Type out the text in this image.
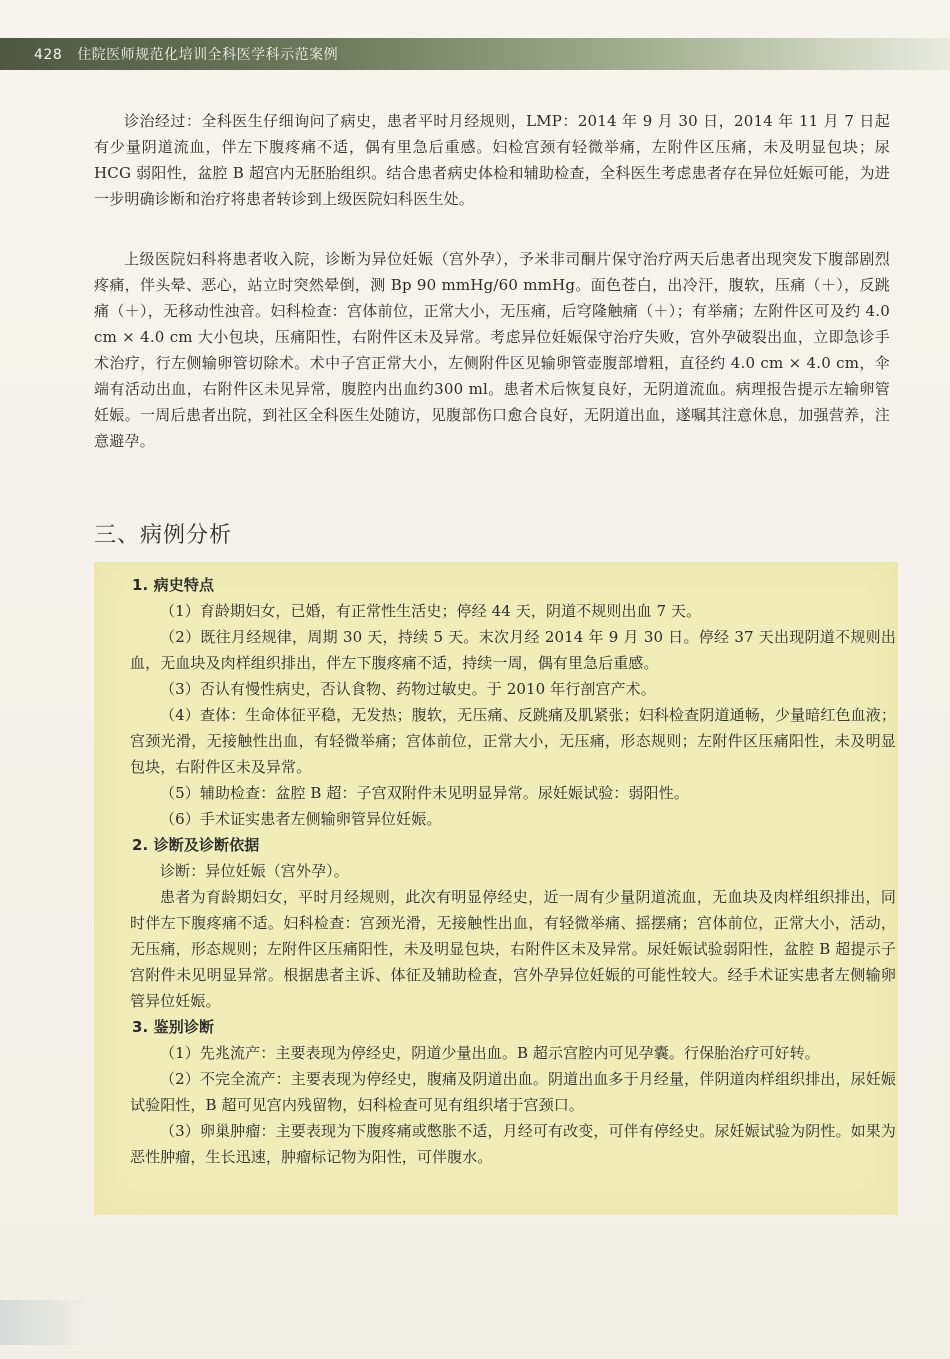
428 住院医师规范化培训全科医学科示范案例

诊治经过：全科医生仔细询问了病史，患者平时月经规则，LMP：2014 年 9 月 30 日，2014 年 11 月 7 日起有少量阴道流血，伴左下腹疼痛不适，偶有里急后重感。妇检宫颈有轻微举痛，左附件区压痛，未及明显包块；尿 HCG 弱阳性，盆腔 B 超宫内无胚胎组织。结合患者病史体检和辅助检查，全科医生考虑患者存在异位妊娠可能，为进一步明确诊断和治疗将患者转诊到上级医院妇科医生处。

上级医院妇科将患者收入院，诊断为异位妊娠（宫外孕），予米非司酮片保守治疗两天后患者出现突发下腹部剧烈疼痛，伴头晕、恶心，站立时突然晕倒，测 Bp 90 mmHg/60 mmHg。面色苍白，出冷汗，腹软，压痛（＋），反跳痛（＋），无移动性浊音。妇科检查：宫体前位，正常大小，无压痛，后穹隆触痛（＋）；有举痛；左附件区可及约 4.0 cm × 4.0 cm 大小包块，压痛阳性，右附件区未及异常。考虑异位妊娠保守治疗失败，宫外孕破裂出血，立即急诊手术治疗，行左侧输卵管切除术。术中子宫正常大小，左侧附件区见输卵管壶腹部增粗，直径约 4.0 cm × 4.0 cm，伞端有活动出血，右附件区未见异常，腹腔内出血约300 ml。患者术后恢复良好，无阴道流血。病理报告提示左输卵管妊娠。一周后患者出院，到社区全科医生处随访，见腹部伤口愈合良好，无阴道出血，遂嘱其注意休息，加强营养，注意避孕。

三、病例分析

1. 病史特点

（1）育龄期妇女，已婚，有正常性生活史；停经 44 天，阴道不规则出血 7 天。

（2）既往月经规律，周期 30 天，持续 5 天。末次月经 2014 年 9 月 30 日。停经 37 天出现阴道不规则出血，无血块及肉样组织排出，伴左下腹疼痛不适，持续一周，偶有里急后重感。

（3）否认有慢性病史，否认食物、药物过敏史。于 2010 年行剖宫产术。

（4）查体：生命体征平稳，无发热；腹软，无压痛、反跳痛及肌紧张；妇科检查阴道通畅，少量暗红色血液；宫颈光滑，无接触性出血，有轻微举痛；宫体前位，正常大小，无压痛，形态规则；左附件区压痛阳性，未及明显包块，右附件区未及异常。

（5）辅助检查：盆腔 B 超：子宫双附件未见明显异常。尿妊娠试验：弱阳性。

（6）手术证实患者左侧输卵管异位妊娠。

2. 诊断及诊断依据

诊断：异位妊娠（宫外孕）。

患者为育龄期妇女，平时月经规则，此次有明显停经史，近一周有少量阴道流血，无血块及肉样组织排出，同时伴左下腹疼痛不适。妇科检查：宫颈光滑，无接触性出血，有轻微举痛、摇摆痛；宫体前位，正常大小，活动，无压痛，形态规则；左附件区压痛阳性，未及明显包块，右附件区未及异常。尿妊娠试验弱阳性，盆腔 B 超提示子宫附件未见明显异常。根据患者主诉、体征及辅助检查，宫外孕异位妊娠的可能性较大。经手术证实患者左侧输卵管异位妊娠。

3. 鉴别诊断

（1）先兆流产：主要表现为停经史，阴道少量出血。B 超示宫腔内可见孕囊。行保胎治疗可好转。

（2）不完全流产：主要表现为停经史，腹痛及阴道出血。阴道出血多于月经量，伴阴道肉样组织排出，尿妊娠试验阳性，B 超可见宫内残留物，妇科检查可见有组织堵于宫颈口。

（3）卵巢肿瘤：主要表现为下腹疼痛或憋胀不适，月经可有改变，可伴有停经史。尿妊娠试验为阴性。如果为恶性肿瘤，生长迅速，肿瘤标记物为阳性，可伴腹水。
